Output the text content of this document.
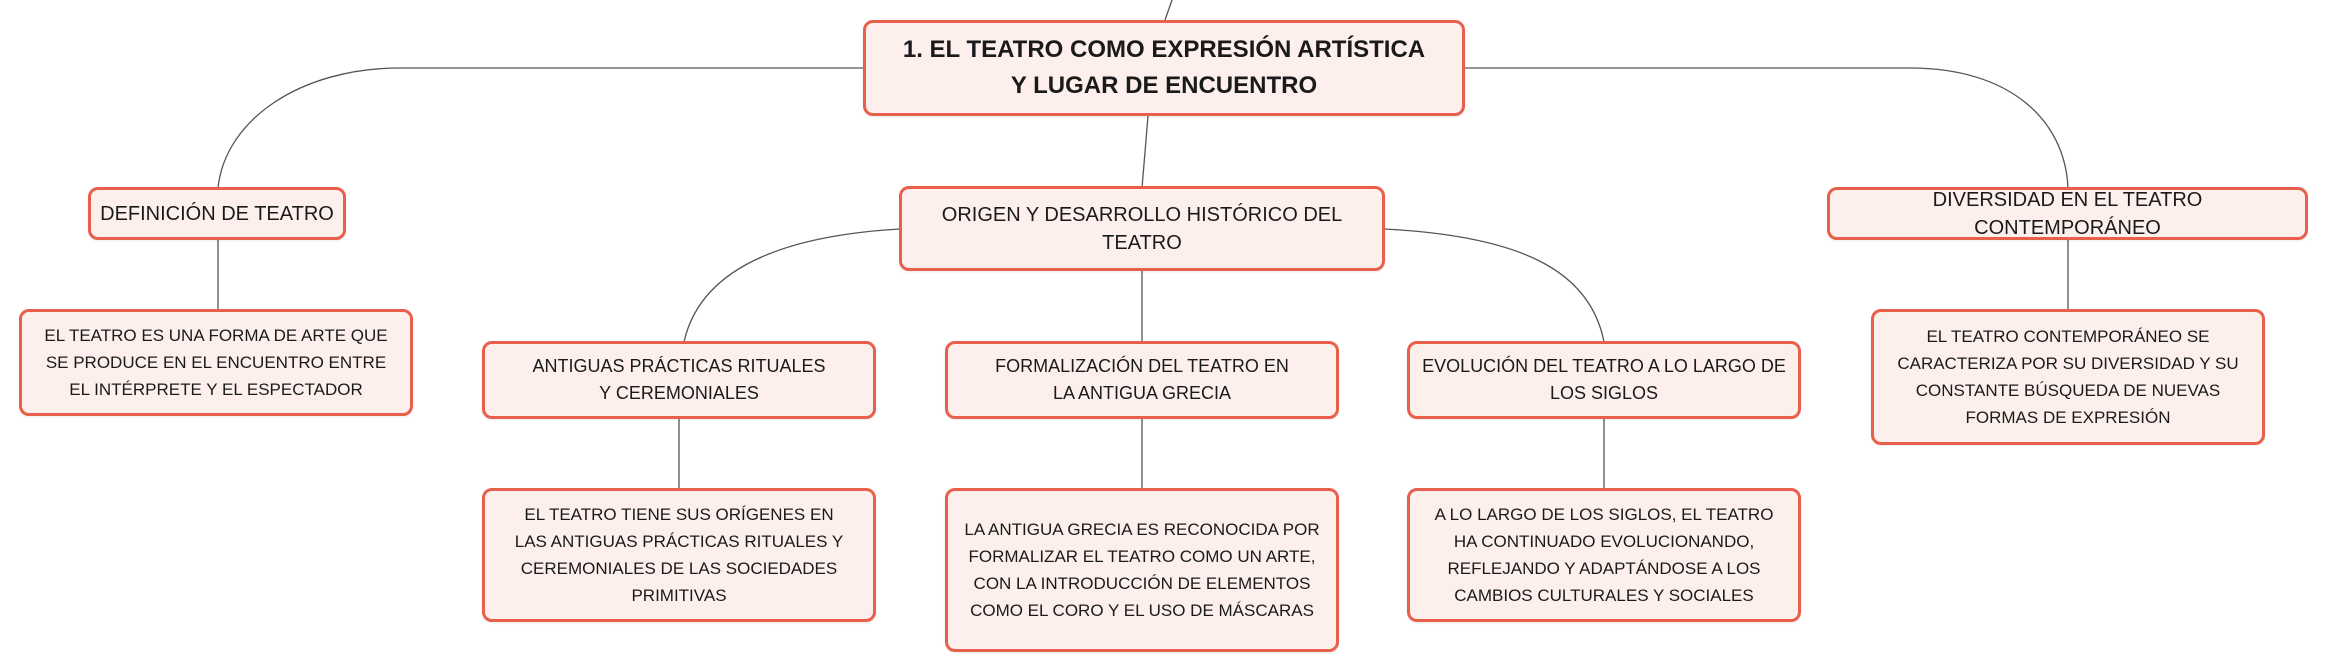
1. EL TEATRO COMO EXPRESIÓN ARTÍSTICA Y LUGAR DE ENCUENTRO
DEFINICIÓN DE TEATRO
EL TEATRO ES UNA FORMA DE ARTE QUE SE PRODUCE EN EL ENCUENTRO ENTRE EL INTÉRPRETE Y EL ESPECTADOR
ORIGEN Y DESARROLLO HISTÓRICO DEL TEATRO
ANTIGUAS PRÁCTICAS RITUALES Y CEREMONIALES
EL TEATRO TIENE SUS ORÍGENES EN LAS ANTIGUAS PRÁCTICAS RITUALES Y CEREMONIALES DE LAS SOCIEDADES PRIMITIVAS
FORMALIZACIÓN DEL TEATRO EN LA ANTIGUA GRECIA
LA ANTIGUA GRECIA ES RECONOCIDA POR FORMALIZAR EL TEATRO COMO UN ARTE, CON LA INTRODUCCIÓN DE ELEMENTOS COMO EL CORO Y EL USO DE MÁSCARAS
EVOLUCIÓN DEL TEATRO A LO LARGO DE LOS SIGLOS
A LO LARGO DE LOS SIGLOS, EL TEATRO HA CONTINUADO EVOLUCIONANDO, REFLEJANDO Y ADAPTÁNDOSE A LOS CAMBIOS CULTURALES Y SOCIALES
DIVERSIDAD EN EL TEATRO CONTEMPORÁNEO
EL TEATRO CONTEMPORÁNEO SE CARACTERIZA POR SU DIVERSIDAD Y SU CONSTANTE BÚSQUEDA DE NUEVAS FORMAS DE EXPRESIÓN
